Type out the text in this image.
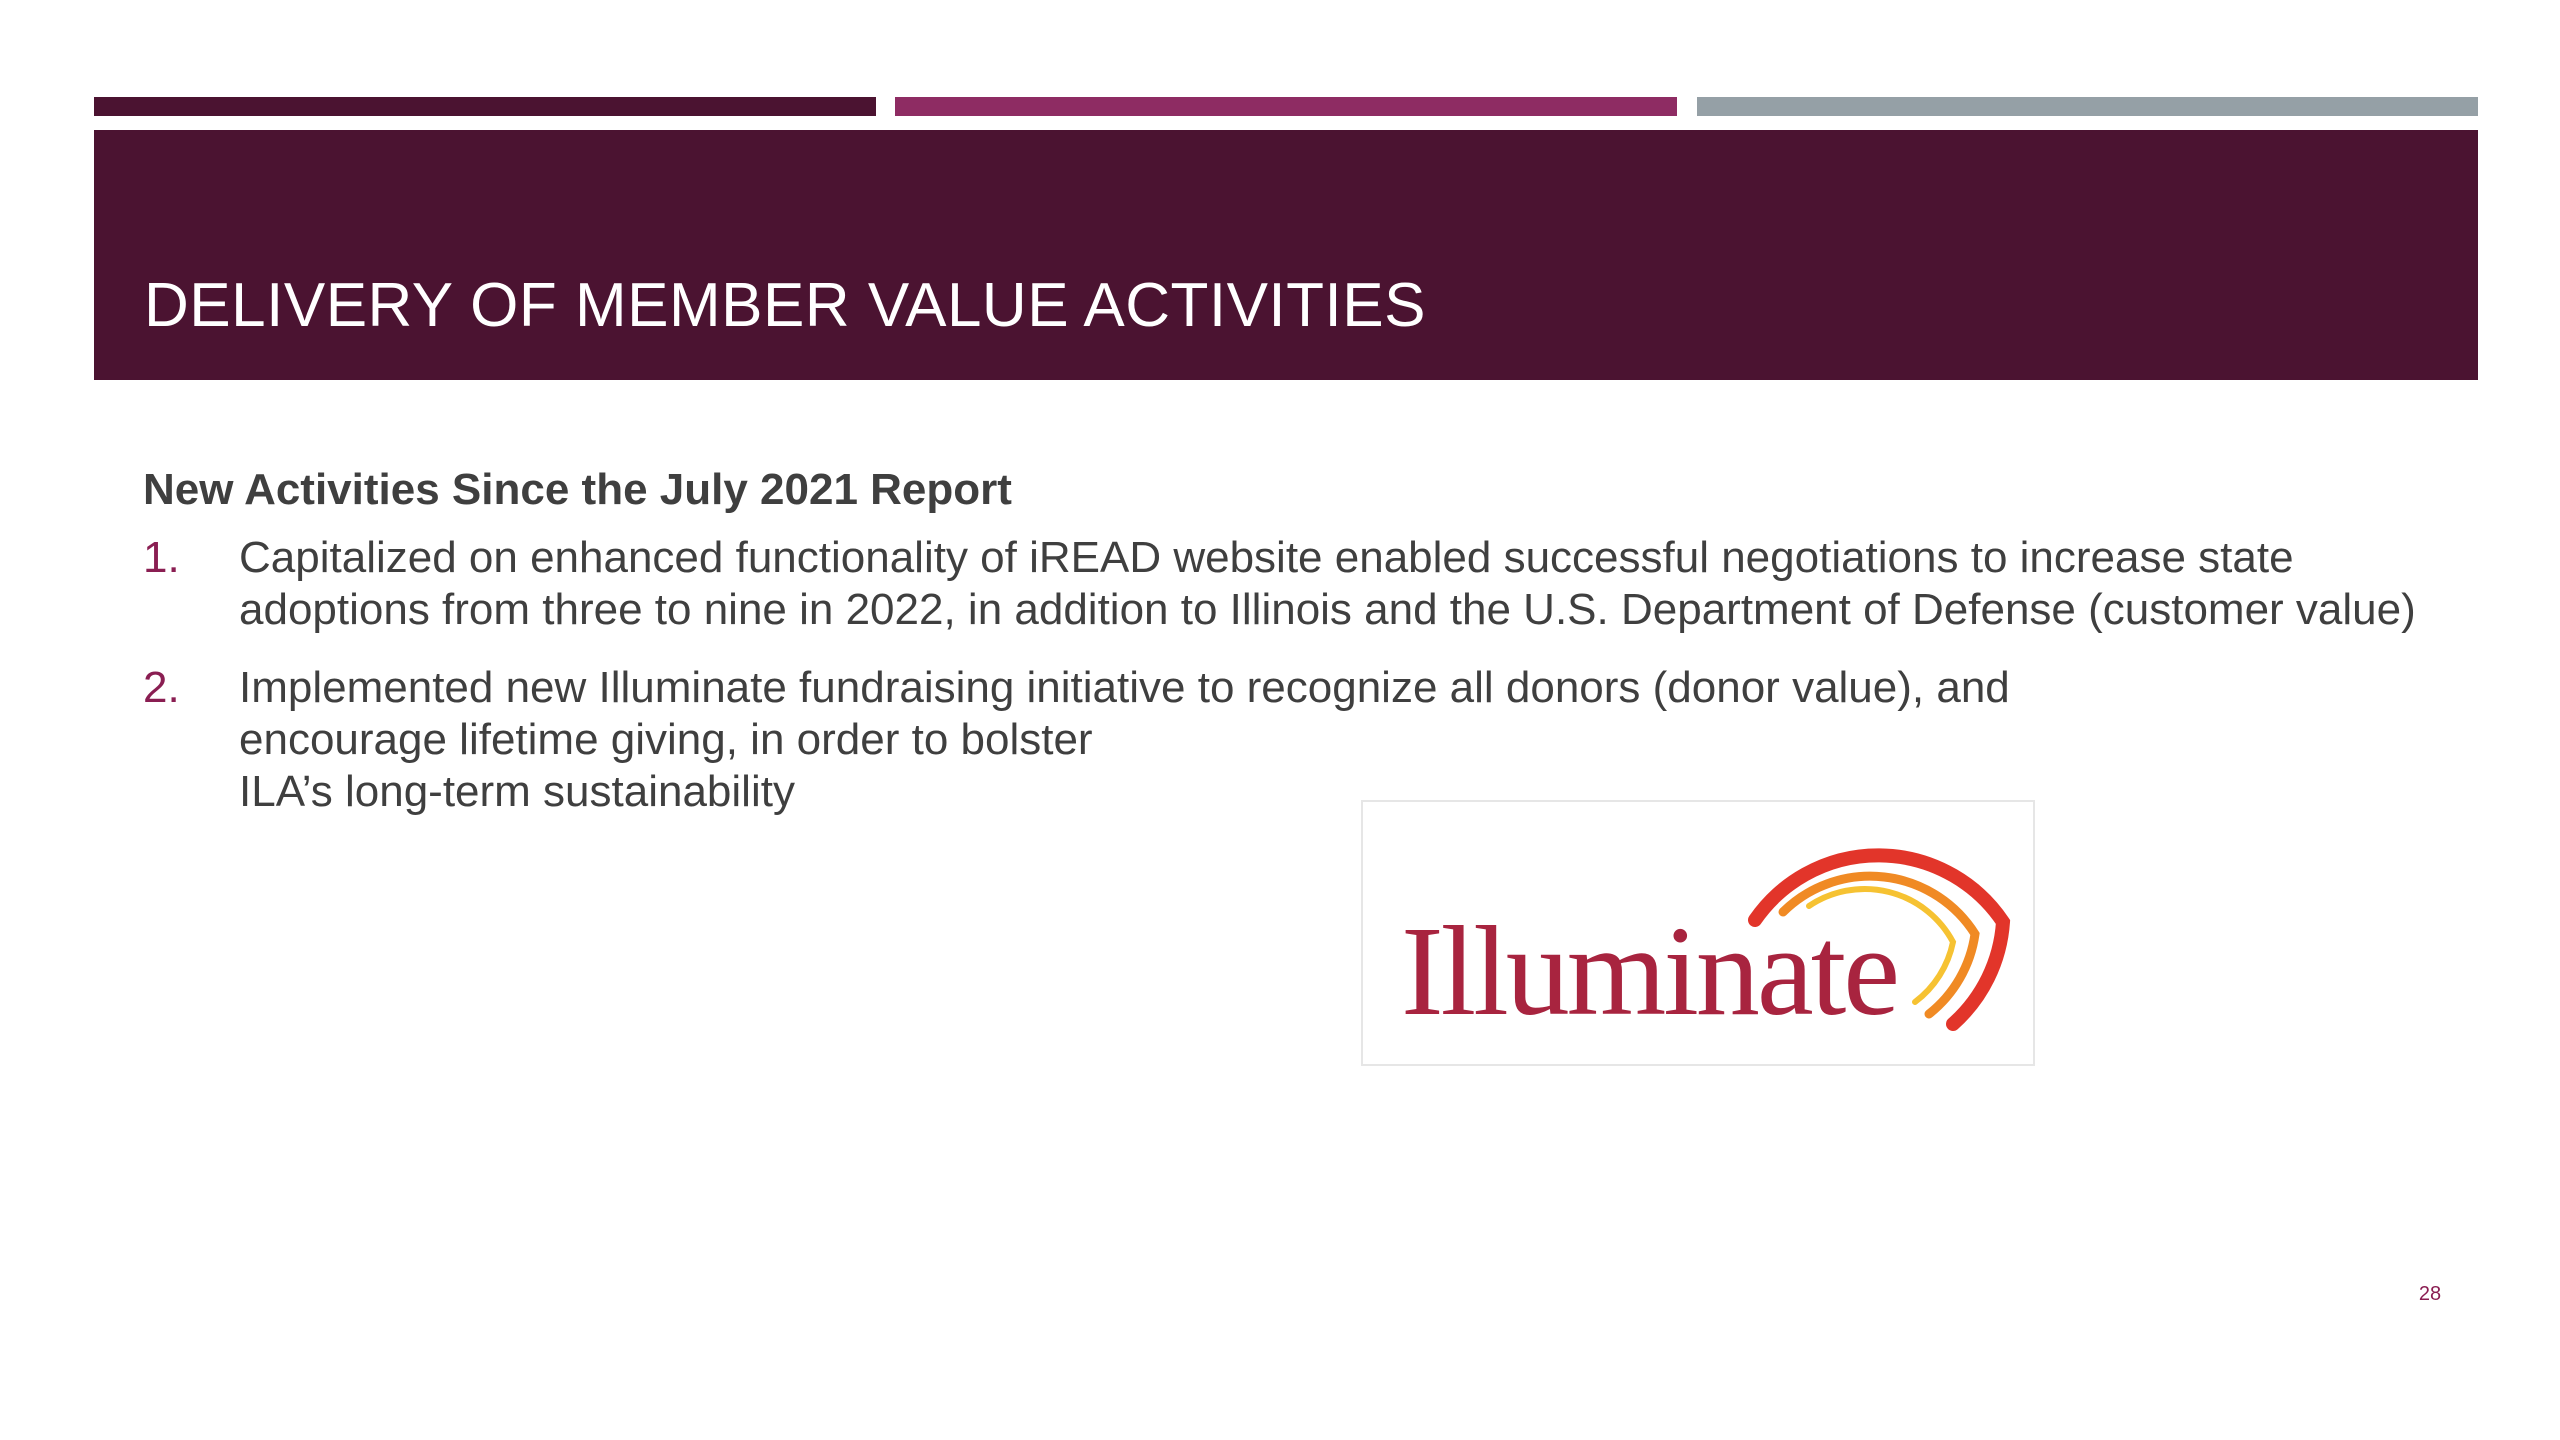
DELIVERY OF MEMBER VALUE ACTIVITIES

New Activities Since the July 2021 Report

1. Capitalized on enhanced functionality of iREAD website enabled successful negotiations to increase state adoptions from three to nine in 2022, in addition to Illinois and the U.S. Department of Defense (customer value)
2. Implemented new Illuminate fundraising initiative to recognize all donors (donor value), and
encourage lifetime giving, in order to bolster
ILA’s long-term sustainability
Illuminate
28
